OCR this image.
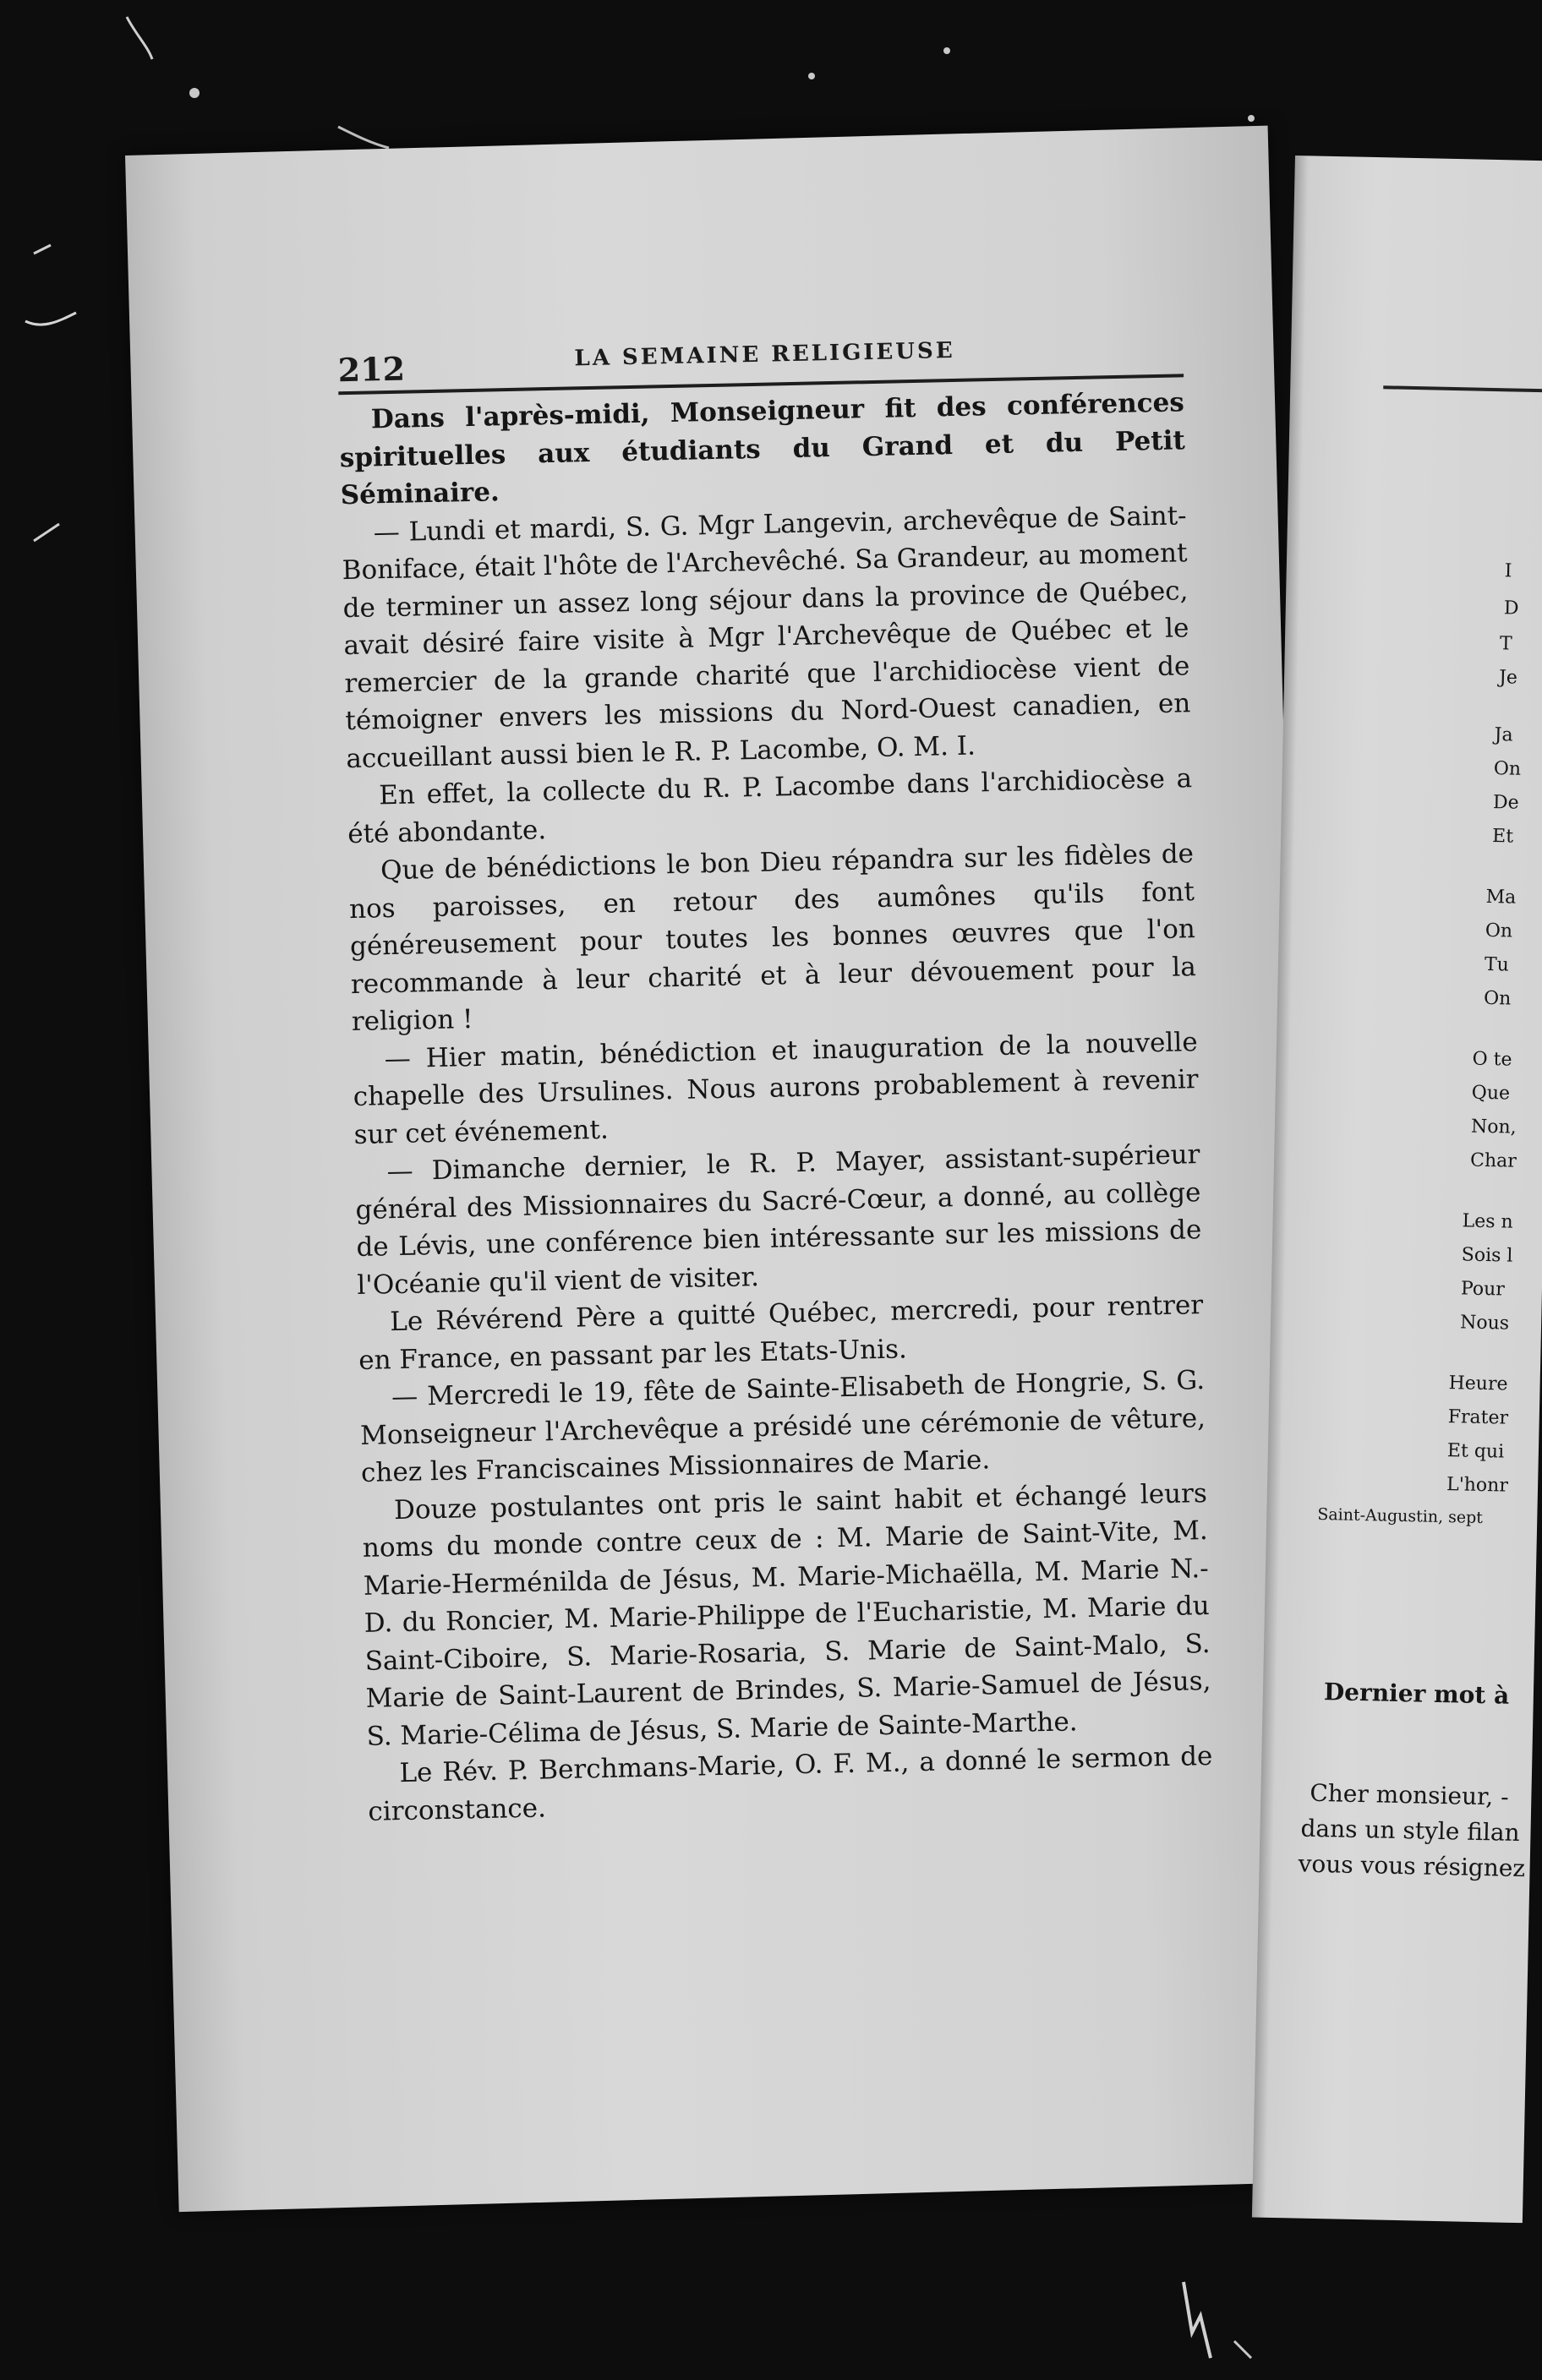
212	LA SEMAINE RELIGIEUSE

Dans l'après-midi, Monseigneur fit des conférences spirituelles aux étudiants du Grand et du Petit Séminaire.

— Lundi et mardi, S. G. Mgr Langevin, archevêque de Saint-Boniface, était l'hôte de l'Archevêché. Sa Grandeur, au moment de terminer un assez long séjour dans la province de Québec, avait désiré faire visite à Mgr l'Archevêque de Québec et le remercier de la grande charité que l'archidiocèse vient de témoigner envers les missions du Nord-Ouest canadien, en accueillant aussi bien le R. P. Lacombe, O. M. I.

En effet, la collecte du R. P. Lacombe dans l'archidiocèse a été abondante.

Que de bénédictions le bon Dieu répandra sur les fidèles de nos paroisses, en retour des aumônes qu'ils font généreusement pour toutes les bonnes œuvres que l'on recommande à leur charité et à leur dévouement pour la religion !

— Hier matin, bénédiction et inauguration de la nouvelle chapelle des Ursulines. Nous aurons probablement à revenir sur cet événement.

— Dimanche dernier, le R. P. Mayer, assistant-supérieur général des Missionnaires du Sacré-Cœur, a donné, au collège de Lévis, une conférence bien intéressante sur les missions de l'Océanie qu'il vient de visiter.

Le Révérend Père a quitté Québec, mercredi, pour rentrer en France, en passant par les Etats-Unis.

— Mercredi le 19, fête de Sainte-Elisabeth de Hongrie, S. G. Monseigneur l'Archevêque a présidé une cérémonie de vêture, chez les Franciscaines Missionnaires de Marie.

Douze postulantes ont pris le saint habit et échangé leurs noms du monde contre ceux de : M. Marie de Saint-Vite, M. Marie-Herménilda de Jésus, M. Marie-Michaëlla, M. Marie N.-D. du Roncier, M. Marie-Philippe de l'Eucharistie, M. Marie du Saint-Ciboire, S. Marie-Rosaria, S. Marie de Saint-Malo, S. Marie de Saint-Laurent de Brindes, S. Marie-Samuel de Jésus, S. Marie-Célima de Jésus, S. Marie de Sainte-Marthe.

Le Rév. P. Berchmans-Marie, O. F. M., a donné le sermon de circonstance.

I
D
T
Je
Ja
On
De
Et
Ma
On
Tu
On
O te
Que
Non,
Char
Les n
Sois l
Pour
Nous
Heure
Frater
Et qui
L'honr
Saint-Augustin, sept
Dernier mot à
Cher monsieur, -
dans un style filan
vous vous résignez
